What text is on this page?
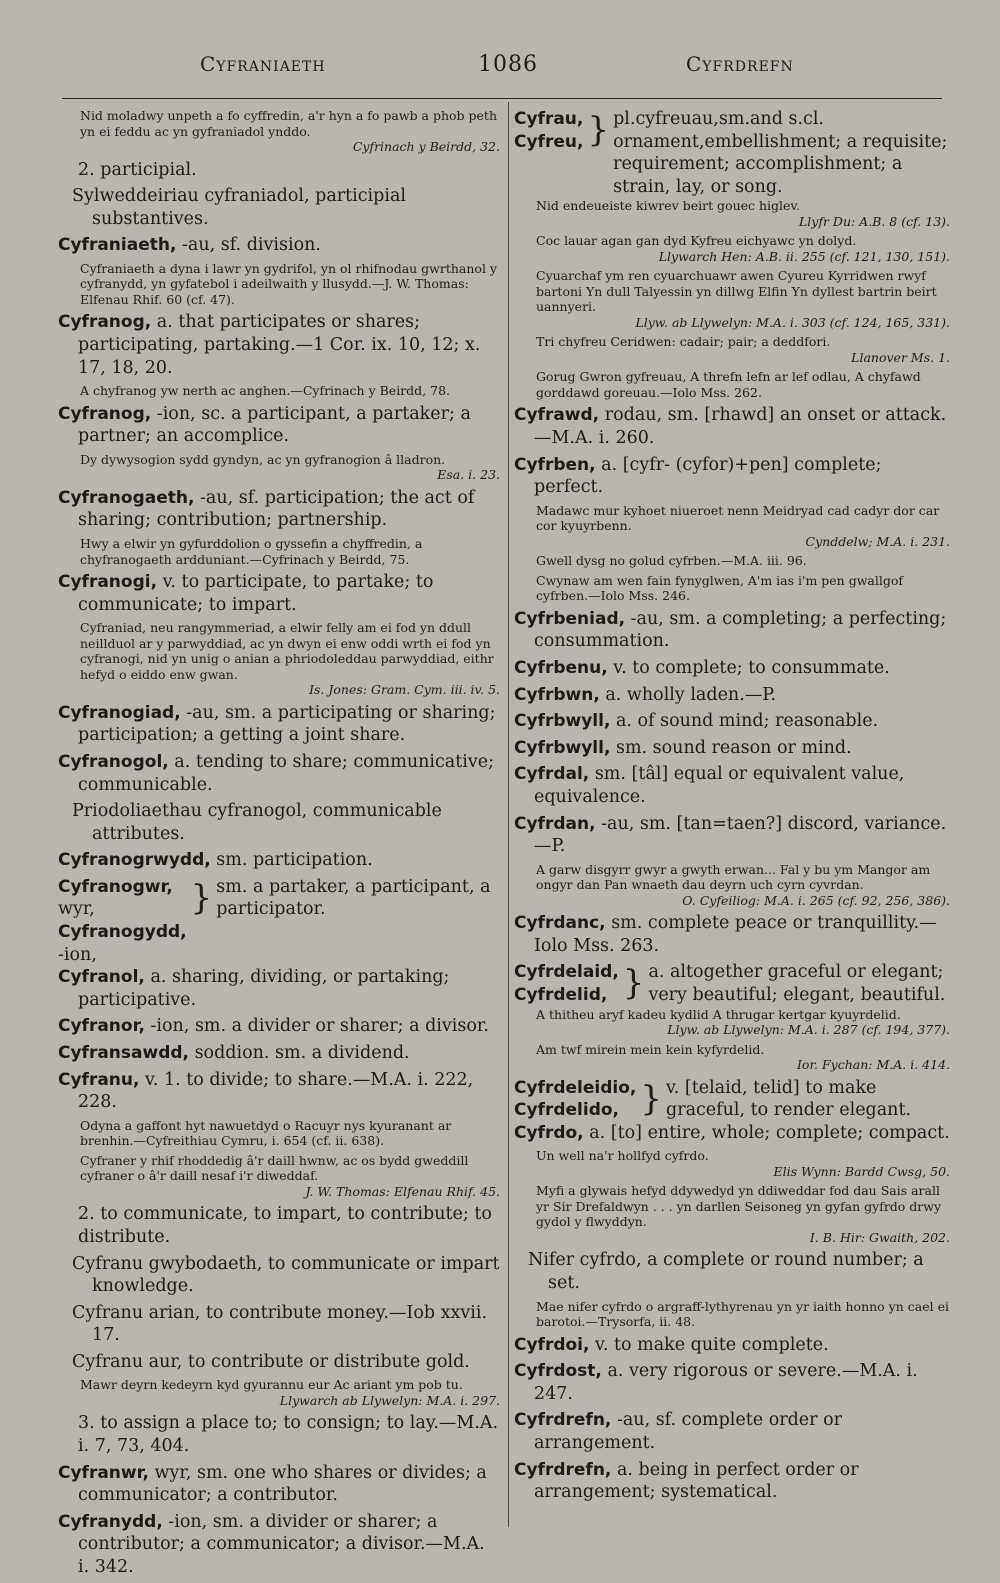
Cyfraniaeth	1086	Cyfrdrefn

Nid moladwy unpeth a fo cyffredin, a'r hyn a fo pawb a phob peth yn ei feddu ac yn gyfraniadol ynddo.
Cyfrinach y Beirdd, 32.

2. participial.

Sylweddeiriau cyfraniadol, participial substantives.

Cyfraniaeth, -au, sf. division.

Cyfraniaeth a dyna i lawr yn gydrifol, yn ol rhifnodau gwrthanol y cyfranydd, yn gyfatebol i adeilwaith y llusydd.—J. W. Thomas: Elfenau Rhif. 60 (cf. 47).

Cyfranog, a. that participates or shares; participating, partaking.—1 Cor. ix. 10, 12; x. 17, 18, 20.

A chyfranog yw nerth ac anghen.—Cyfrinach y Beirdd, 78.

Cyfranog, -ion, sc. a participant, a partaker; a partner; an accomplice.

Dy dywysogion sydd gyndyn, ac yn gyfranogion â lladron.
Esa. i. 23.

Cyfranogaeth, -au, sf. participation; the act of sharing; contribution; partnership.

Hwy a elwir yn gyfurddolion o gyssefin a chyffredin, a chyfranogaeth ardduniant.—Cyfrinach y Beirdd, 75.

Cyfranogi, v. to participate, to partake; to communicate; to impart.

Cyfraniad, neu rangymmeriad, a elwir felly am ei fod yn ddull neillduol ar y parwyddiad, ac yn dwyn ei enw oddi wrth ei fod yn cyfranogi, nid yn unig o anian a phriodoleddau parwyddiad, eithr hefyd o eiddo enw gwan.
Is. Jones: Gram. Cym. iii. iv. 5.

Cyfranogiad, -au, sm. a participating or sharing; participation; a getting a joint share.

Cyfranogol, a. tending to share; communicative; communicable.

Priodoliaethau cyfranogol, communicable attributes.

Cyfranogrwydd, sm. participation.

Cyfranogwr, wyr,
Cyfranogydd, -ion,
} sm. a partaker, a participant, a participator.

Cyfranol, a. sharing, dividing, or partaking; participative.

Cyfranor, -ion, sm. a divider or sharer; a divisor.

Cyfransawdd, soddion. sm. a dividend.

Cyfranu, v. 1. to divide; to share.—M.A. i. 222, 228.

Odyna a gaffont hyt nawuetdyd o Racuyr nys kyuranant ar brenhin.—Cyfreithiau Cymru, i. 654 (cf. ii. 638).

Cyfraner y rhif rhoddedig â'r daill hwnw, ac os bydd gweddill cyfraner o â'r daill nesaf i'r diweddaf.
J. W. Thomas: Elfenau Rhif. 45.

2. to communicate, to impart, to contribute; to distribute.

Cyfranu gwybodaeth, to communicate or impart knowledge.

Cyfranu arian, to contribute money.—Iob xxvii. 17.

Cyfranu aur, to contribute or distribute gold.

Mawr deyrn kedeyrn kyd gyurannu eur Ac ariant ym pob tu.
Llywarch ab Llywelyn: M.A. i. 297.

3. to assign a place to; to consign; to lay.—M.A. i. 7, 73, 404.

Cyfranwr, wyr, sm. one who shares or divides; a communicator; a contributor.

Cyfranydd, -ion, sm. a divider or sharer; a contributor; a communicator; a divisor.—M.A. i. 342.

Cyfrau,
Cyfreu, } pl.cyfreuau,sm.and s.cl. ornament,embellishment; a requisite; requirement; accomplishment; a strain, lay, or song.

Nid endeueiste kiwrev beirt gouec higlev.
Llyfr Du: A.B. 8 (cf. 13).

Coc lauar agan gan dyd Kyfreu eichyawc yn dolyd.
Llywarch Hen: A.B. ii. 255 (cf. 121, 130, 151).

Cyuarchaf ym ren cyuarchuawr awen Cyureu Kyrridwen rwyf bartoni Yn dull Talyessin yn dillwg Elfin Yn dyllest bartrin beirt uannyeri.
Llyw. ab Llywelyn: M.A. i. 303 (cf. 124, 165, 331).

Tri chyfreu Ceridwen: cadair; pair; a deddfori.
Llanover Ms. 1.

Gorug Gwron gyfreuau, A threfn lefn ar lef odlau, A chyfawd gorddawd goreuau.—Iolo Mss. 262.

Cyfrawd, rodau, sm. [rhawd] an onset or attack.—M.A. i. 260.

Cyfrben, a. [cyfr- (cyfor)+pen] complete; perfect.

Madawc mur kyhoet niueroet nenn Meidryad cad cadyr dor car cor kyuyrbenn.
Cynddelw; M.A. i. 231.

Gwell dysg no golud cyfrben.—M.A. iii. 96.

Cwynaw am wen fain fynyglwen, A'm ias i'm pen gwallgof cyfrben.—Iolo Mss. 246.

Cyfrbeniad, -au, sm. a completing; a perfecting; consummation.

Cyfrbenu, v. to complete; to consummate.

Cyfrbwn, a. wholly laden.—P.

Cyfrbwyll, a. of sound mind; reasonable.

Cyfrbwyll, sm. sound reason or mind.

Cyfrdal, sm. [tâl] equal or equivalent value, equivalence.

Cyfrdan, -au, sm. [tan=taen?] discord, variance.—P.

A garw disgyrr gwyr a gwyth erwan... Fal y bu ym Mangor am ongyr dan Pan wnaeth dau deyrn uch cyrn cyvrdan.
O. Cyfeiliog: M.A. i. 265 (cf. 92, 256, 386).

Cyfrdanc, sm. complete peace or tranquillity.—Iolo Mss. 263.

Cyfrdelaid,
Cyfrdelid, } a. altogether graceful or elegant; very beautiful; elegant, beautiful.

A thitheu aryf kadeu kydlid A thrugar kertgar kyuyrdelid.
Llyw. ab Llywelyn: M.A. i. 287 (cf. 194, 377).

Am twf mirein mein kein kyfyrdelid.
Ior. Fychan: M.A. i. 414.

Cyfrdeleidio,
Cyfrdelido, } v. [telaid, telid] to make graceful, to render elegant.

Cyfrdo, a. [to] entire, whole; complete; compact.

Un well na'r hollfyd cyfrdo.
Elis Wynn: Bardd Cwsg, 50.

Myfi a glywais hefyd ddywedyd yn ddiweddar fod dau Sais arall yr Sir Drefaldwyn . . . yn darllen Seisoneg yn gyfan gyfrdo drwy gydol y flwyddyn.
I. B. Hir: Gwaith, 202.

Nifer cyfrdo, a complete or round number; a set.

Mae nifer cyfrdo o argraff-lythyrenau yn yr iaith honno yn cael ei barotoi.—Trysorfa, ii. 48.

Cyfrdoi, v. to make quite complete.

Cyfrdost, a. very rigorous or severe.—M.A. i. 247.

Cyfrdrefn, -au, sf. complete order or arrangement.

Cyfrdrefn, a. being in perfect order or arrangement; systematical.
